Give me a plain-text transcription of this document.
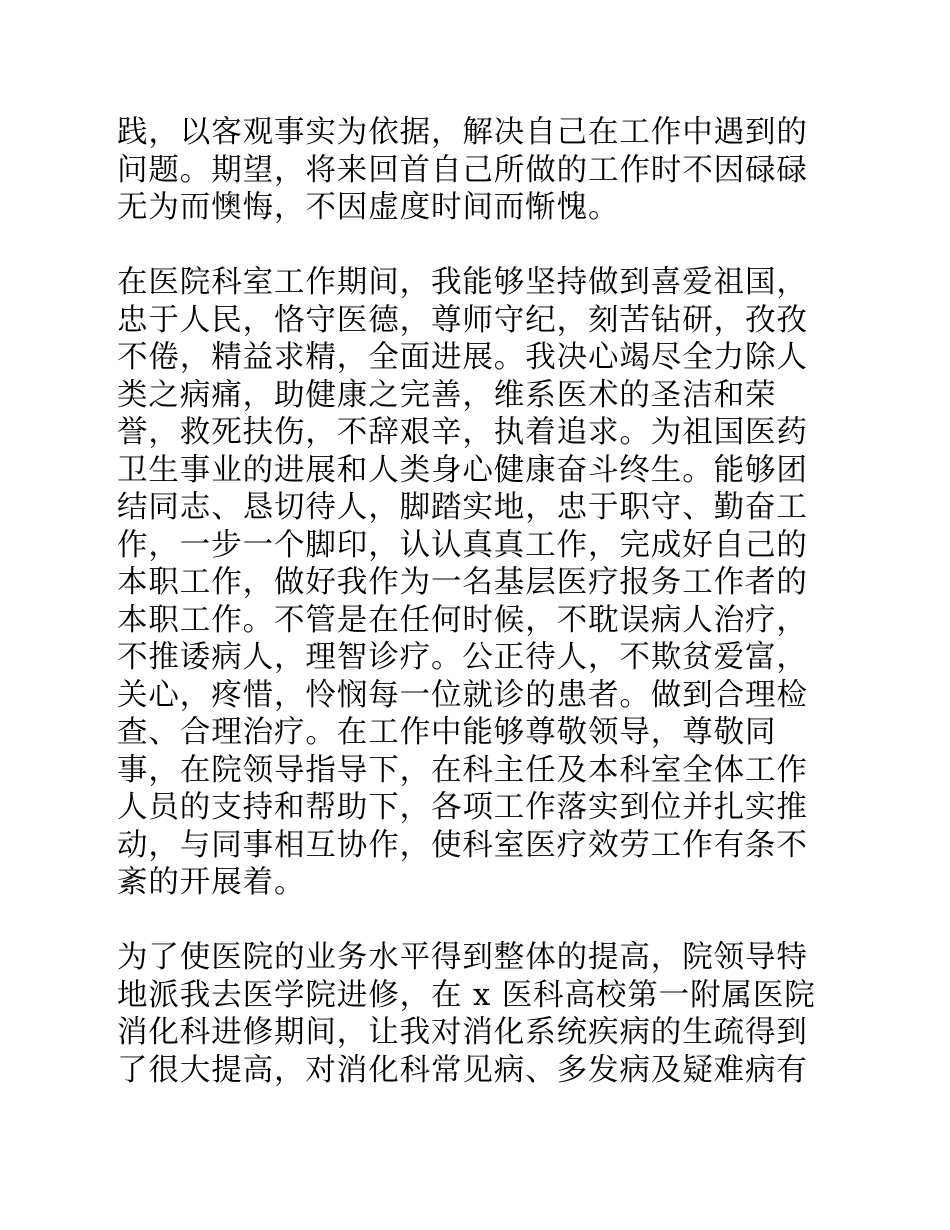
践，以客观事实为依据，解决自己在工作中遇到的
问题。期望，将来回首自己所做的工作时不因碌碌
无为而懊悔，不因虚度时间而惭愧。

在医院科室工作期间，我能够坚持做到喜爱祖国，
忠于人民，恪守医德，尊师守纪，刻苦钻研，孜孜
不倦，精益求精，全面进展。我决心竭尽全力除人
类之病痛，助健康之完善，维系医术的圣洁和荣
誉，救死扶伤，不辞艰辛，执着追求。为祖国医药
卫生事业的进展和人类身心健康奋斗终生。能够团
结同志、恳切待人，脚踏实地，忠于职守、勤奋工
作，一步一个脚印，认认真真工作，完成好自己的
本职工作，做好我作为一名基层医疗报务工作者的
本职工作。不管是在任何时候，不耽误病人治疗，
不推诿病人，理智诊疗。公正待人，不欺贫爱富，
关心，疼惜，怜悯每一位就诊的患者。做到合理检
查、合理治疗。在工作中能够尊敬领导，尊敬同
事，在院领导指导下，在科主任及本科室全体工作
人员的支持和帮助下，各项工作落实到位并扎实推
动，与同事相互协作，使科室医疗效劳工作有条不
紊的开展着。

为了使医院的业务水平得到整体的提高，院领导特
地派我去医学院进修，在 x 医科高校第一附属医院
消化科进修期间，让我对消化系统疾病的生疏得到
了很大提高，对消化科常见病、多发病及疑难病有
